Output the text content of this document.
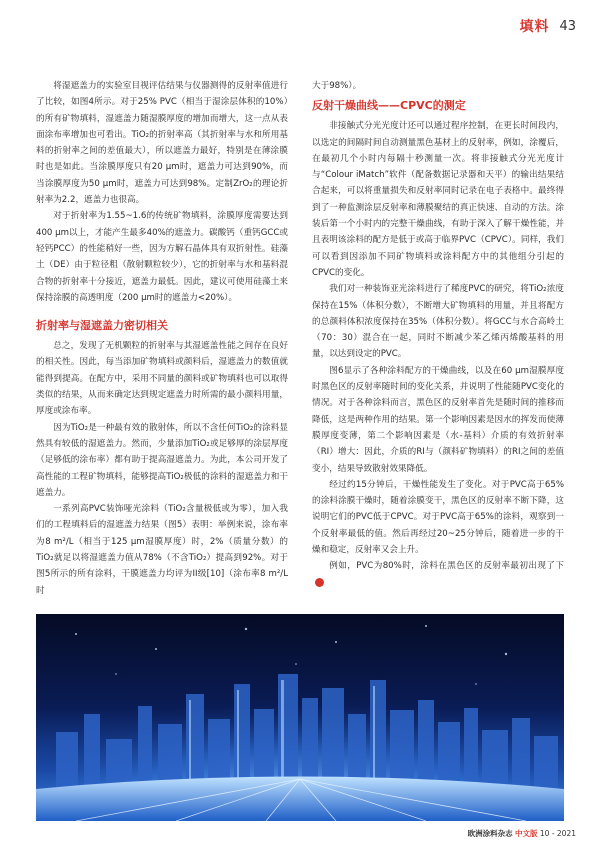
填料 43

将湿遮盖力的实验室目视评估结果与仪器测得的反射率值进行了比较，如图4所示。对于25% PVC（相当于湿涂层体积的10%）的所有矿物填料，湿遮盖力随湿膜厚度的增加而增大，这一点从表面涂布率增加也可看出。TiO₂的折射率高（其折射率与水和所用基料的折射率之间的差值最大），所以遮盖力最好，特别是在薄涂膜时也是如此。当涂膜厚度只有20 μm时，遮盖力可达到90%，而当涂膜厚度为50 μm时，遮盖力可达到98%。定制ZrO₂的理论折射率为2.2，遮盖力也很高。

对于折射率为1.55~1.6的传统矿物填料，涂膜厚度需要达到400 μm以上，才能产生最多40%的遮盖力。碳酸钙（重钙GCC或轻钙PCC）的性能稍好一些，因为方解石晶体具有双折射性。硅藻土（DE）由于粒径粗（散射颗粒较少），它的折射率与水和基料混合物的折射率十分接近，遮盖力最低。因此，建议可使用硅藻土来保持涂膜的高透明度（200 μm时的遮盖力<20%）。

折射率与湿遮盖力密切相关

总之，发现了无机颗粒的折射率与其湿遮盖性能之间存在良好的相关性。因此，每当添加矿物填料或颜料后，湿遮盖力的数值就能得到提高。在配方中，采用不同量的颜料或矿物填料也可以取得类似的结果，从而来确定达到规定遮盖力时所需的最小颜料用量，厚度或涂布率。

因为TiO₂是一种最有效的散射体，所以不含任何TiO₂的涂料显然具有较低的湿遮盖力。然而，少量添加TiO₂或足够厚的涂层厚度（足够低的涂布率）都有助于提高湿遮盖力。为此，本公司开发了高性能的工程矿物填料，能够提高TiO₂极低的涂料的湿遮盖力和干遮盖力。

一系列高PVC装饰哑光涂料（TiO₂含量极低或为零），加入我们的工程填料后的湿遮盖力结果（图5）表明：举例来说，涂布率为8 m²/L（相当于125 μm湿膜厚度）时，2%（质量分数）的TiO₂就足以将湿遮盖力值从78%（不含TiO₂）提高到92%。对于图5所示的所有涂料，干膜遮盖力均评为II级[10]（涂布率8 m²/L时

大于98%）。

反射干燥曲线——CPVC的测定

非接触式分光光度计还可以通过程序控制，在更长时间段内，以选定的间隔时间自动测量黑色基材上的反射率，例如，涂覆后，在最初几个小时内每隔十秒测量一次。将非接触式分光光度计与“Colour iMatch”软件（配备数据记录器和天平）的输出结果结合起来，可以将重量损失和反射率同时记录在电子表格中。最终得到了一种监测涂层反射率和薄膜聚结的真正快速、自动的方法。涂装后第一个小时内的完整干燥曲线，有助于深入了解干燥性能，并且表明该涂料的配方是低于或高于临界PVC（CPVC）。同样，我们可以看到因添加不同矿物填料或涂料配方中的其他组分引起的CPVC的变化。

我们对一种装饰亚光涂料进行了稀度PVC的研究，将TiO₂浓度保持在15%（体积分数），不断增大矿物填料的用量，并且将配方的总颜料体积浓度保持在35%（体积分数）。将GCC与水合高岭土（70：30）混合在一起，同时不断减少苯乙烯丙烯酸基料的用量，以达到设定的PVC。

图6显示了各种涂料配方的干燥曲线，以及在60 μm湿膜厚度时黑色区的反射率随时间的变化关系，并说明了性能随PVC变化的情况。对于各种涂料而言，黑色区的反射率首先是随时间的推移而降低，这是两种作用的结果。第一个影响因素是因水的挥发而使薄膜厚度变薄，第二个影响因素是（水-基料）介质的有效折射率（RI）增大：因此，介质的RI与（颜料矿物填料）的RI之间的差值变小，结果导致散射效果降低。

经过约15分钟后，干燥性能发生了变化。对于PVC高于65%的涂料涂膜干燥时，随着涂膜变干，黑色区的反射率不断下降，这说明它们的PVC低于CPVC。对于PVC高于65%的涂料，观察到一个反射率最低的值。然后再经过20~25分钟后，随着进一步的干燥和稳定，反射率又会上升。

例如，PVC为80%时，涂料在黑色区的反射率最初出现了下▶

欧洲涂料杂志 中文版 10 - 2021
